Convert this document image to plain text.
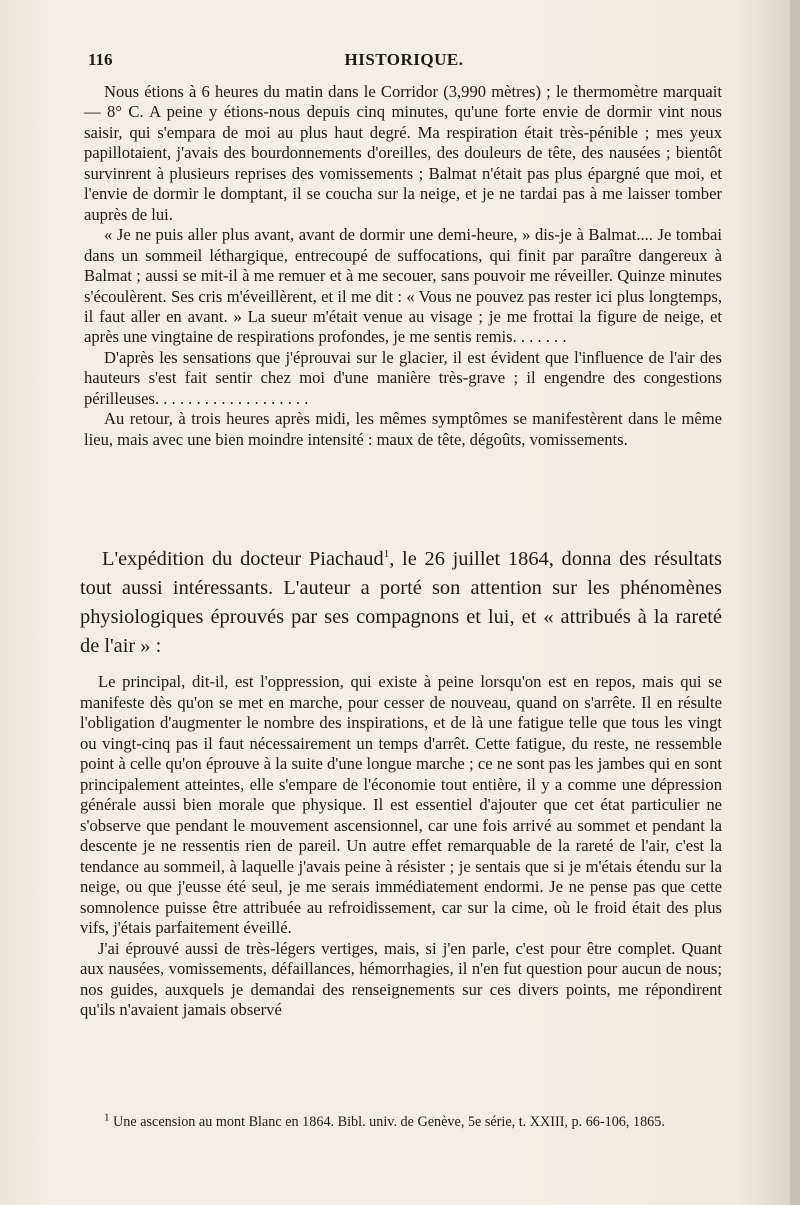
116	HISTORIQUE.

Nous étions à 6 heures du matin dans le Corridor (3,990 mètres) ; le thermomètre marquait — 8° C. A peine y étions-nous depuis cinq minutes, qu'une forte envie de dormir vint nous saisir, qui s'empara de moi au plus haut degré. Ma respiration était très-pénible ; mes yeux papillotaient, j'avais des bourdonnements d'oreilles, des douleurs de tête, des nausées ; bientôt survinrent à plusieurs reprises des vomissements ; Balmat n'était pas plus épargné que moi, et l'envie de dormir le domptant, il se coucha sur la neige, et je ne tardai pas à me laisser tomber auprès de lui.

« Je ne puis aller plus avant, avant de dormir une demi-heure, » dis-je à Balmat.... Je tombai dans un sommeil léthargique, entrecoupé de suffocations, qui finit par paraître dangereux à Balmat ; aussi se mit-il à me remuer et à me secouer, sans pouvoir me réveiller. Quinze minutes s'écoulèrent. Ses cris m'éveillèrent, et il me dit : « Vous ne pouvez pas rester ici plus longtemps, il faut aller en avant. » La sueur m'était venue au visage ; je me frottai la figure de neige, et après une vingtaine de respirations profondes, je me sentis remis. . . . . . .

D'après les sensations que j'éprouvai sur le glacier, il est évident que l'influence de l'air des hauteurs s'est fait sentir chez moi d'une manière très-grave ; il engendre des congestions périlleuses. . . . . . . . . . . . . . . . . . .

Au retour, à trois heures après midi, les mêmes symptômes se manifestèrent dans le même lieu, mais avec une bien moindre intensité : maux de tête, dégoûts, vomissements.

L'expédition du docteur Piachaud$^1$, le 26 juillet 1864, donna des résultats tout aussi intéressants. L'auteur a porté son attention sur les phénomènes physiologiques éprouvés par ses compagnons et lui, et « attribués à la rareté de l'air » :

Le principal, dit-il, est l'oppression, qui existe à peine lorsqu'on est en repos, mais qui se manifeste dès qu'on se met en marche, pour cesser de nouveau, quand on s'arrête. Il en résulte l'obligation d'augmenter le nombre des inspirations, et de là une fatigue telle que tous les vingt ou vingt-cinq pas il faut nécessairement un temps d'arrêt. Cette fatigue, du reste, ne ressemble point à celle qu'on éprouve à la suite d'une longue marche ; ce ne sont pas les jambes qui en sont principalement atteintes, elle s'empare de l'économie tout entière, il y a comme une dépression générale aussi bien morale que physique. Il est essentiel d'ajouter que cet état particulier ne s'observe que pendant le mouvement ascensionnel, car une fois arrivé au sommet et pendant la descente je ne ressentis rien de pareil. Un autre effet remarquable de la rareté de l'air, c'est la tendance au sommeil, à laquelle j'avais peine à résister ; je sentais que si je m'étais étendu sur la neige, ou que j'eusse été seul, je me serais immédiatement endormi. Je ne pense pas que cette somnolence puisse être attribuée au refroidissement, car sur la cime, où le froid était des plus vifs, j'étais parfaitement éveillé.

J'ai éprouvé aussi de très-légers vertiges, mais, si j'en parle, c'est pour être complet. Quant aux nausées, vomissements, défaillances, hémorrhagies, il n'en fut question pour aucun de nous; nos guides, auxquels je demandai des renseignements sur ces divers points, me répondirent qu'ils n'avaient jamais observé

$^1$ Une ascension au mont Blanc en 1864. Bibl. univ. de Genève, 5e série, t. XXIII, p. 66-106, 1865.
